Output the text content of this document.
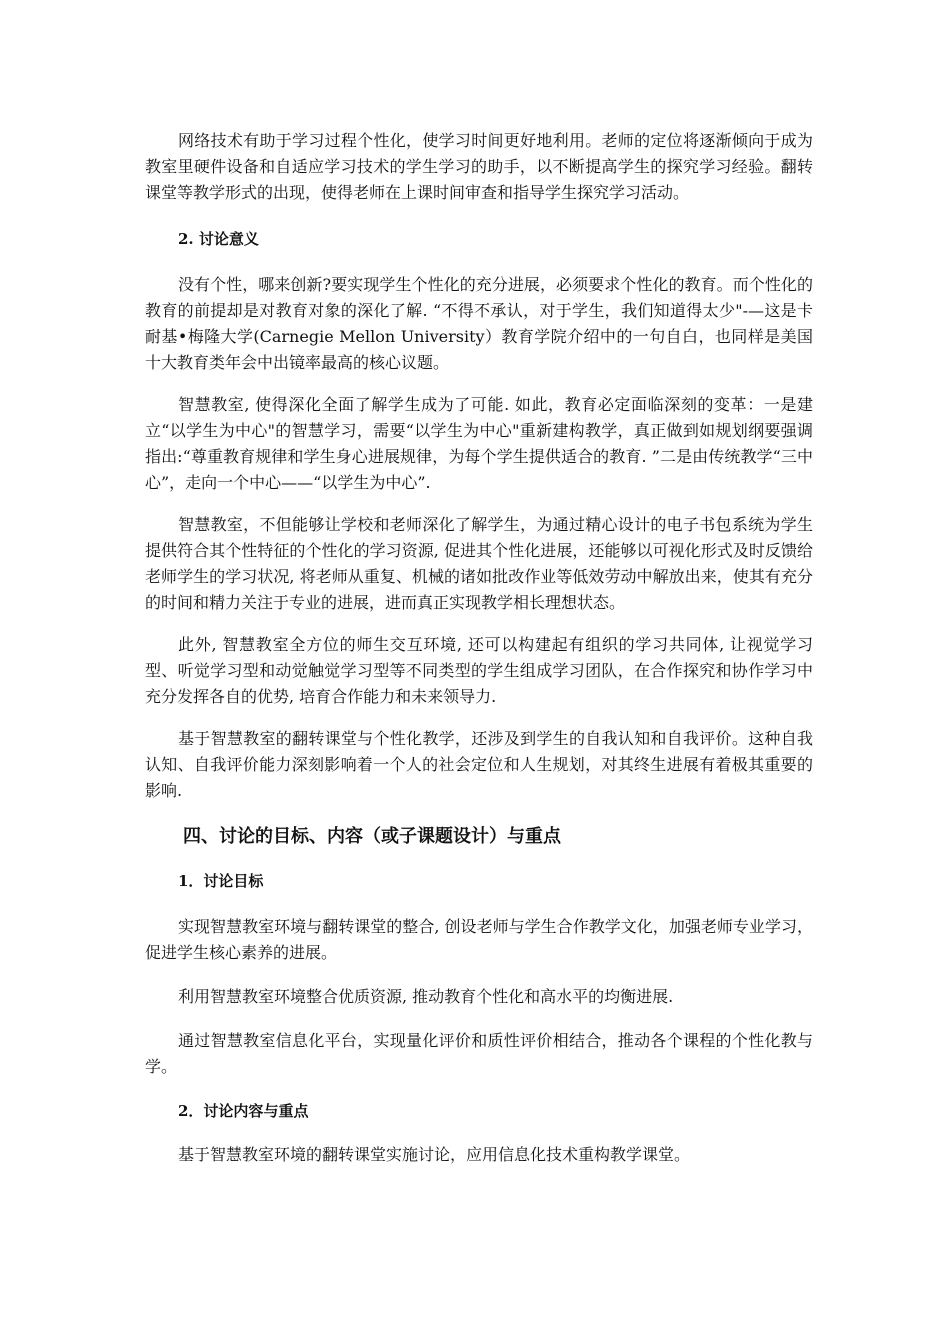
网络技术有助于学习过程个性化，使学习时间更好地利用。老师的定位将逐渐倾向于成为教室里硬件设备和自适应学习技术的学生学习的助手，以不断提高学生的探究学习经验。翻转课堂等教学形式的出现，使得老师在上课时间审查和指导学生探究学习活动。

2. 讨论意义

没有个性，哪来创新?要实现学生个性化的充分进展，必须要求个性化的教育。而个性化的教育的前提却是对教育对象的深化了解. “不得不承认，对于学生，我们知道得太少"-—这是卡耐基•梅隆大学(Carnegie Mellon University）教育学院介绍中的一句自白，也同样是美国十大教育类年会中出镜率最高的核心议题。

智慧教室, 使得深化全面了解学生成为了可能. 如此，教育必定面临深刻的变革：一是建立“以学生为中心"的智慧学习，需要“以学生为中心"重新建构教学，真正做到如规划纲要强调指出:“尊重教育规律和学生身心进展规律，为每个学生提供适合的教育. ”二是由传统教学“三中心”，走向一个中心——“以学生为中心”.

智慧教室，不但能够让学校和老师深化了解学生，为通过精心设计的电子书包系统为学生提供符合其个性特征的个性化的学习资源, 促进其个性化进展，还能够以可视化形式及时反馈给老师学生的学习状况, 将老师从重复、机械的诸如批改作业等低效劳动中解放出来，使其有充分的时间和精力关注于专业的进展，进而真正实现教学相长理想状态。

此外, 智慧教室全方位的师生交互环境, 还可以构建起有组织的学习共同体, 让视觉学习型、听觉学习型和动觉触觉学习型等不同类型的学生组成学习团队，在合作探究和协作学习中充分发挥各自的优势, 培育合作能力和未来领导力.

基于智慧教室的翻转课堂与个性化教学，还涉及到学生的自我认知和自我评价。这种自我认知、自我评价能力深刻影响着一个人的社会定位和人生规划，对其终生进展有着极其重要的影响.

四、讨论的目标、内容（或子课题设计）与重点
1．讨论目标

实现智慧教室环境与翻转课堂的整合, 创设老师与学生合作教学文化，加强老师专业学习，促进学生核心素养的进展。

利用智慧教室环境整合优质资源, 推动教育个性化和高水平的均衡进展.

通过智慧教室信息化平台，实现量化评价和质性评价相结合，推动各个课程的个性化教与学。

2．讨论内容与重点

基于智慧教室环境的翻转课堂实施讨论，应用信息化技术重构教学课堂。
